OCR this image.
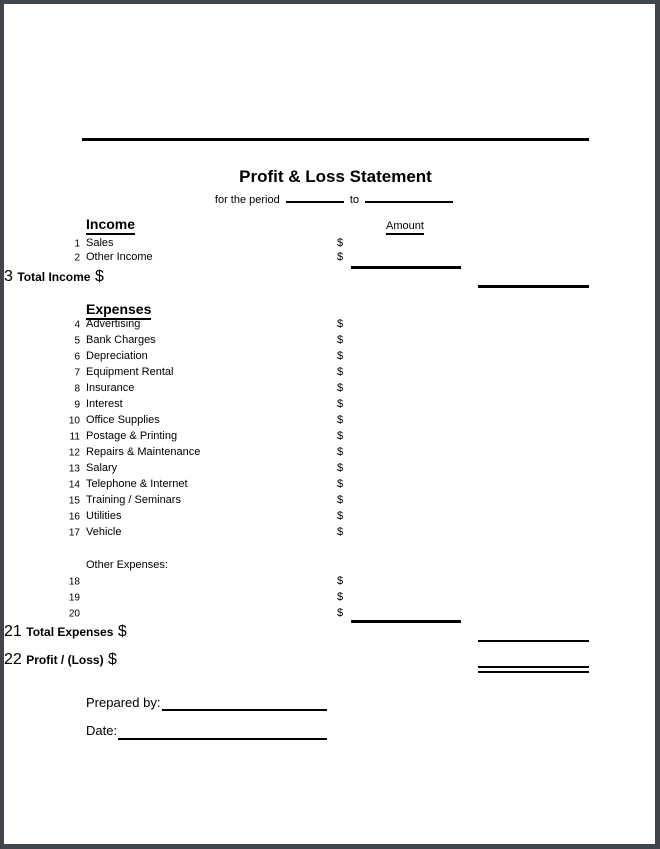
Profit & Loss Statement
for the period	to
Income	Amount
1 Sales	$
2 Other Income	$
3 Total Income $
Expenses
4 Advertising	$
5 Bank Charges	$
6 Depreciation	$
7 Equipment Rental	$
8 Insurance	$
9 Interest	$
10 Office Supplies	$
11 Postage & Printing	$
12 Repairs & Maintenance	$
13 Salary	$
14 Telephone & Internet	$
15 Training / Seminars	$
16 Utilities	$
17 Vehicle	$
Other Expenses:
18	$
19	$
20	$
21 Total Expenses $
22 Profit / (Loss) $
Prepared by:
Date:
